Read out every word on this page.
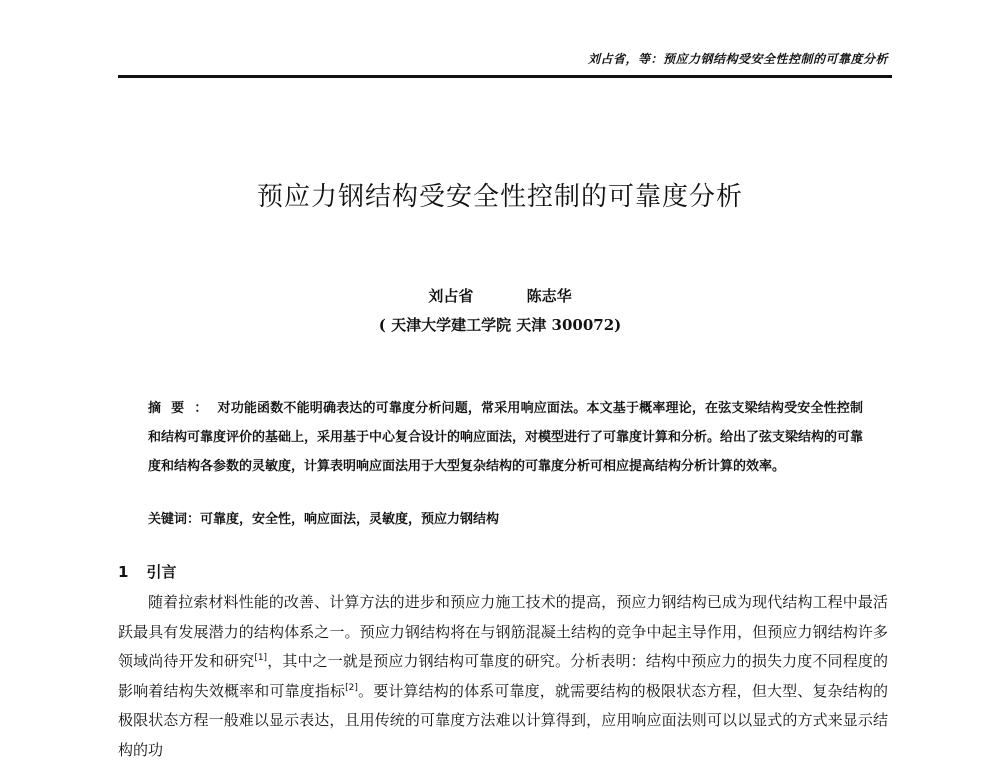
刘占省，等：预应力钢结构受安全性控制的可靠度分析
预应力钢结构受安全性控制的可靠度分析
刘占省	陈志华
( 天津大学建工学院 天津 300072)
摘要：对功能函数不能明确表达的可靠度分析问题，常采用响应面法。本文基于概率理论，在弦支梁结构受安全性控制和结构可靠度评价的基础上，采用基于中心复合设计的响应面法，对模型进行了可靠度计算和分析。给出了弦支梁结构的可靠度和结构各参数的灵敏度，计算表明响应面法用于大型复杂结构的可靠度分析可相应提高结构分析计算的效率。
关键词：可靠度，安全性，响应面法，灵敏度，预应力钢结构
1 引言

随着拉索材料性能的改善、计算方法的进步和预应力施工技术的提高，预应力钢结构已成为现代结构工程中最活跃最具有发展潜力的结构体系之一。预应力钢结构将在与钢筋混凝土结构的竞争中起主导作用，但预应力钢结构许多领域尚待开发和研究[1]，其中之一就是预应力钢结构可靠度的研究。分析表明：结构中预应力的损失力度不同程度的影响着结构失效概率和可靠度指标[2]。要计算结构的体系可靠度，就需要结构的极限状态方程，但大型、复杂结构的极限状态方程一般难以显示表达，且用传统的可靠度方法难以计算得到，应用响应面法则可以以显式的方式来显示结构的功
